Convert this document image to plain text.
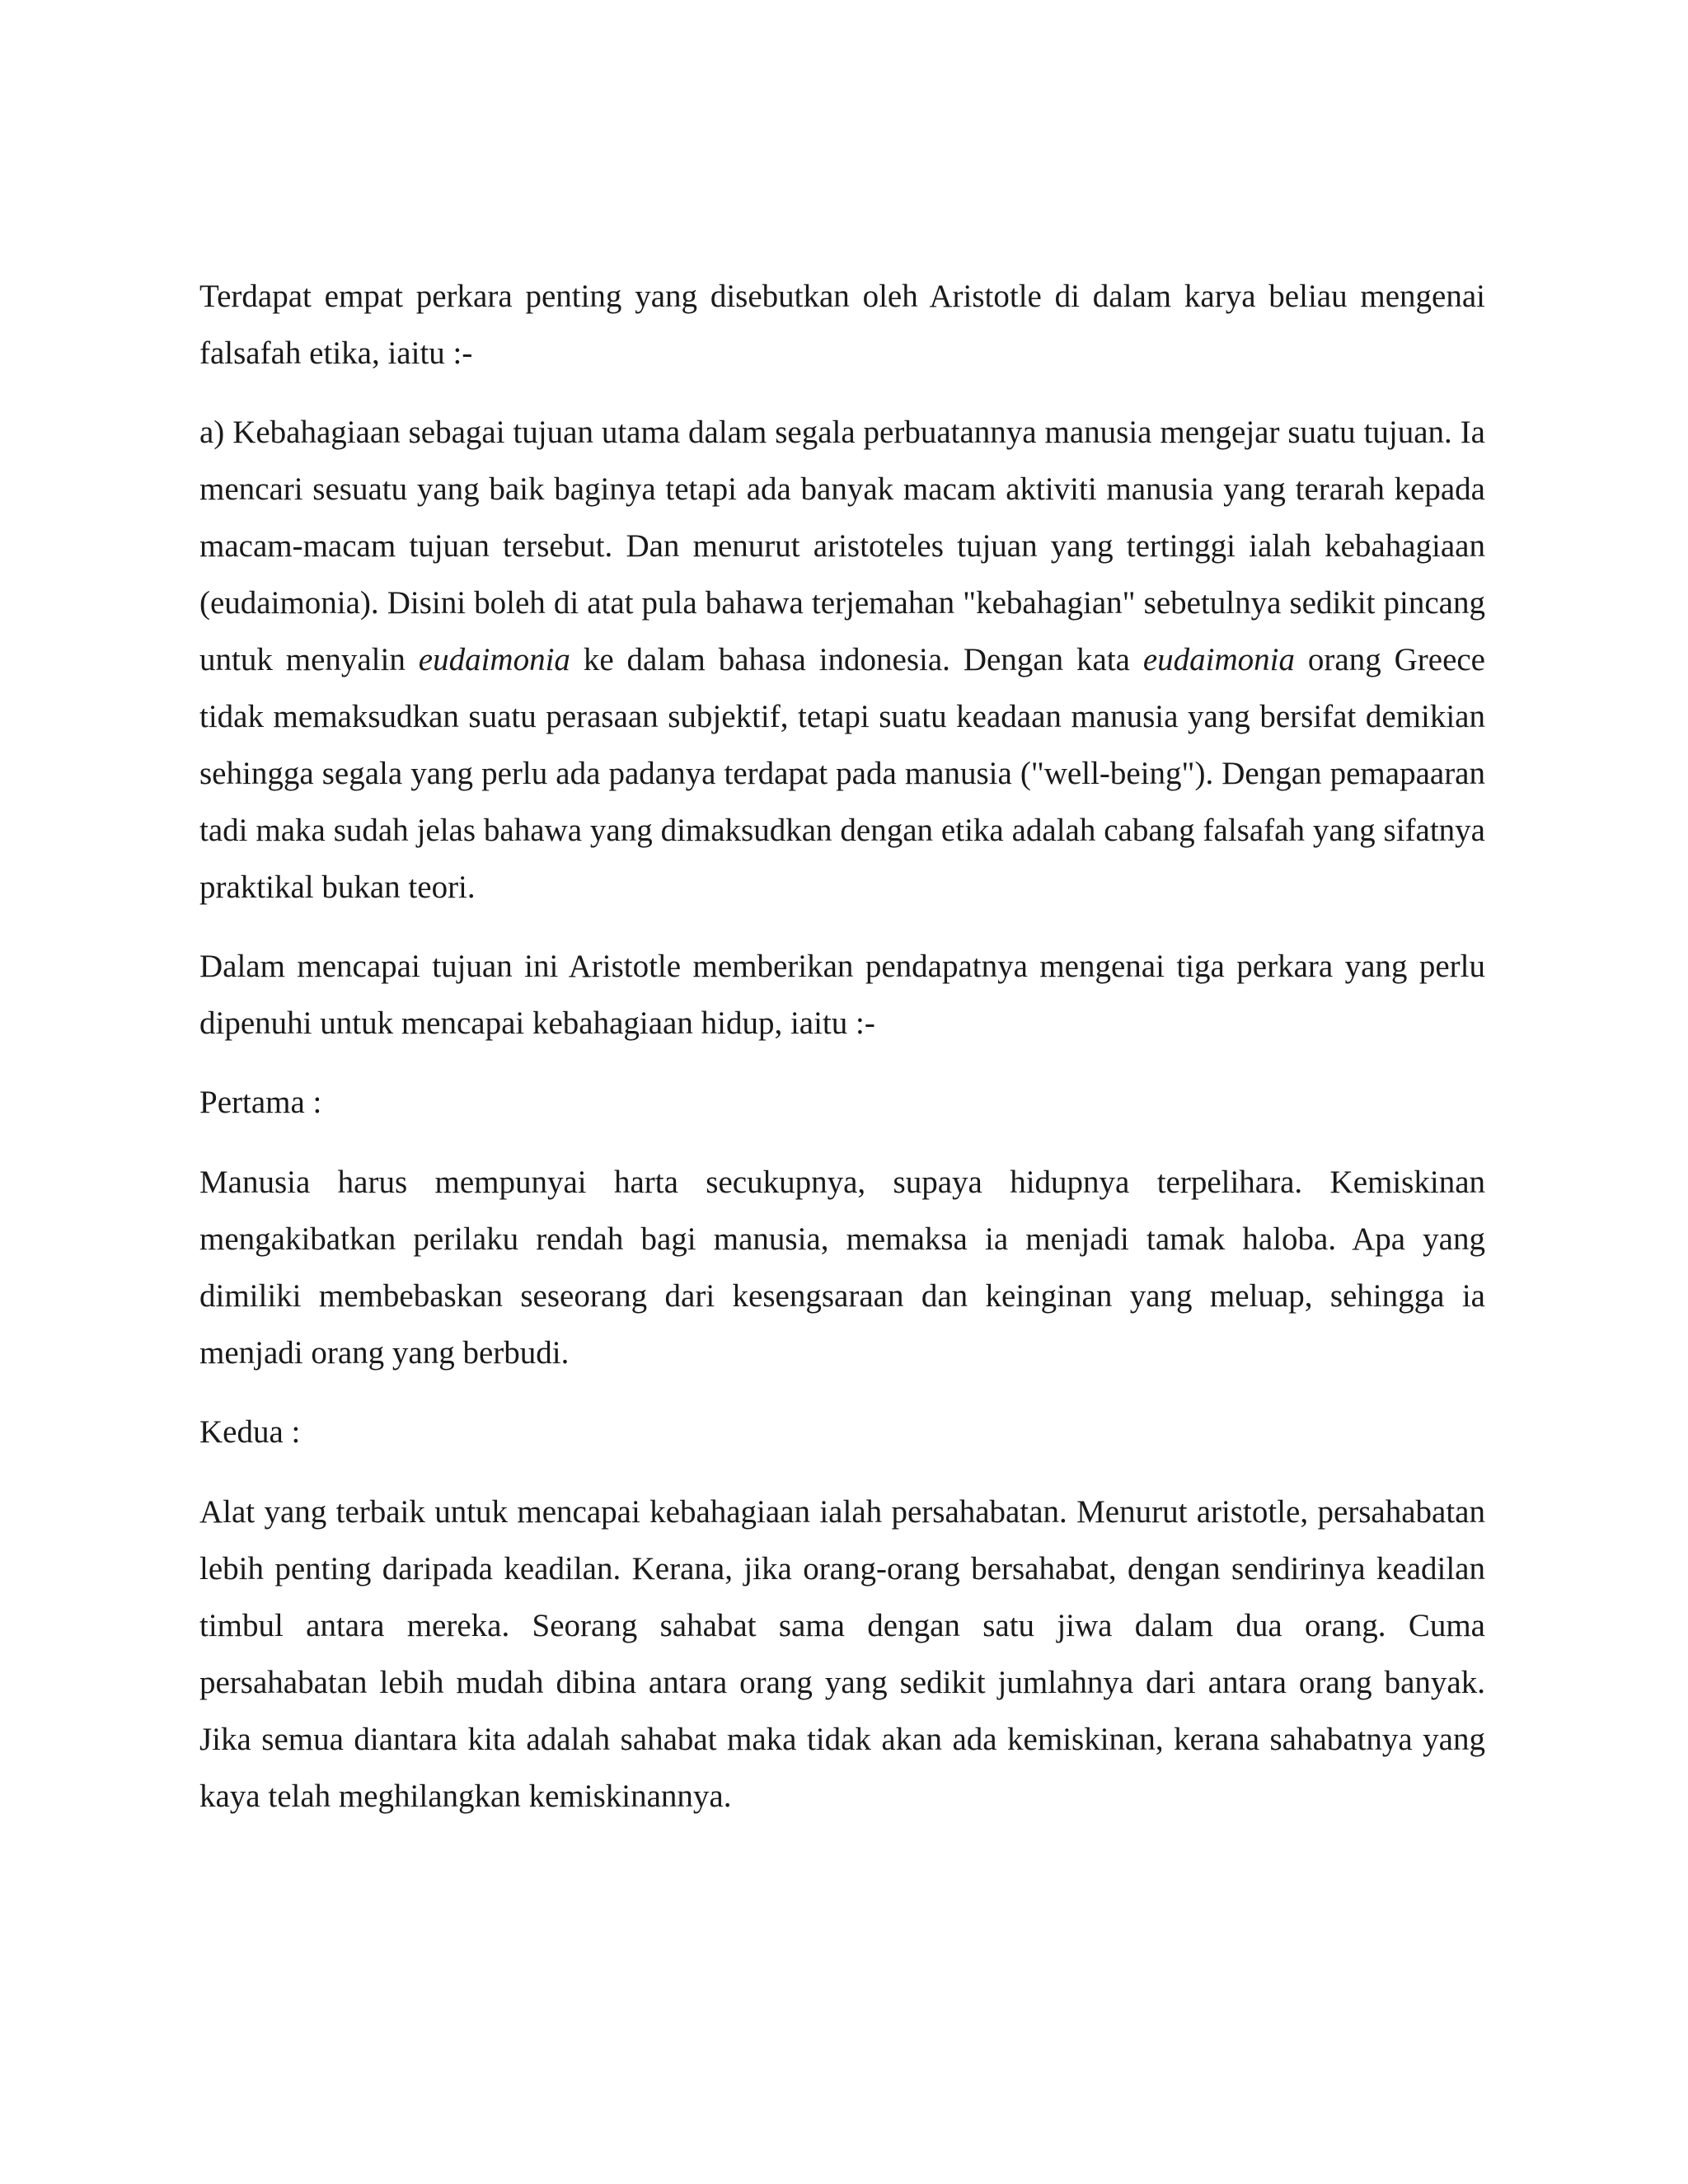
Terdapat empat perkara penting yang disebutkan oleh Aristotle di dalam karya beliau mengenai falsafah etika, iaitu :-

a) Kebahagiaan sebagai tujuan utama dalam segala perbuatannya manusia mengejar suatu tujuan. Ia mencari sesuatu yang baik baginya tetapi ada banyak macam aktiviti manusia yang terarah kepada macam-macam tujuan tersebut. Dan menurut aristoteles tujuan yang tertinggi ialah kebahagiaan (eudaimonia). Disini boleh di atat pula bahawa terjemahan "kebahagian" sebetulnya sedikit pincang untuk menyalin eudaimonia ke dalam bahasa indonesia. Dengan kata eudaimonia orang Greece tidak memaksudkan suatu perasaan subjektif, tetapi suatu keadaan manusia yang bersifat demikian sehingga segala yang perlu ada padanya terdapat pada manusia ("well-being"). Dengan pemapaaran tadi maka sudah jelas bahawa yang dimaksudkan dengan etika adalah cabang falsafah yang sifatnya praktikal bukan teori.

Dalam mencapai tujuan ini Aristotle memberikan pendapatnya mengenai tiga perkara yang perlu dipenuhi untuk mencapai kebahagiaan hidup, iaitu :-

Pertama :

Manusia harus mempunyai harta secukupnya, supaya hidupnya terpelihara. Kemiskinan mengakibatkan perilaku rendah bagi manusia, memaksa ia menjadi tamak haloba. Apa yang dimiliki membebaskan seseorang dari kesengsaraan dan keinginan yang meluap, sehingga ia menjadi orang yang berbudi.

Kedua :

Alat yang terbaik untuk mencapai kebahagiaan ialah persahabatan. Menurut aristotle, persahabatan lebih penting daripada keadilan. Kerana, jika orang-orang bersahabat, dengan sendirinya keadilan timbul antara mereka. Seorang sahabat sama dengan satu jiwa dalam dua orang. Cuma persahabatan lebih mudah dibina antara orang yang sedikit jumlahnya dari antara orang banyak. Jika semua diantara kita adalah sahabat maka tidak akan ada kemiskinan, kerana sahabatnya yang kaya telah meghilangkan kemiskinannya.
